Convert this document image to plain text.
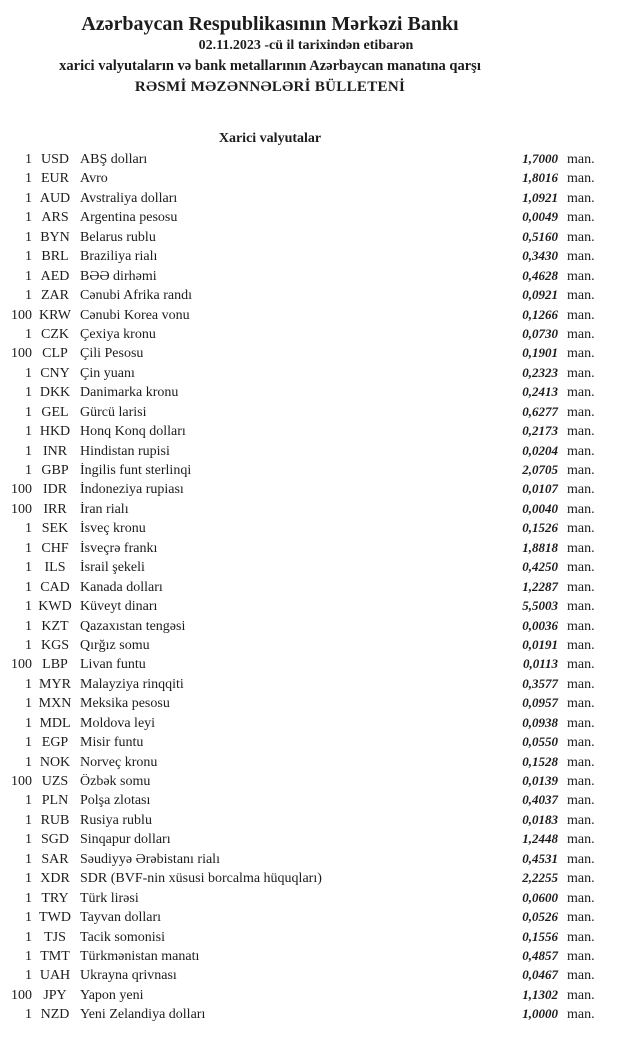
Azərbaycan Respublikasının Mərkəzi Bankı
02.11.2023 -cü il tarixindən etibarən
xarici valyutaların və bank metallarının Azərbaycan manatına qarşı
RƏSMİ MƏZƏNNƏLƏRİ BÜLLETENİ
Xarici valyutalar
1 USD ABŞ dolları	1,7000 man.
1 EUR Avro	1,8016 man.
1 AUD Avstraliya dolları	1,0921 man.
1 ARS Argentina pesosu	0,0049 man.
1 BYN Belarus rublu	0,5160 man.
1 BRL Braziliya rialı	0,3430 man.
1 AED BƏƏ dirhəmi	0,4628 man.
1 ZAR Cənubi Afrika randı	0,0921 man.
100 KRW Cənubi Korea vonu	0,1266 man.
1 CZK Çexiya kronu	0,0730 man.
100 CLP Çili Pesosu	0,1901 man.
1 CNY Çin yuanı	0,2323 man.
1 DKK Danimarka kronu	0,2413 man.
1 GEL Gürcü larisi	0,6277 man.
1 HKD Honq Konq dolları	0,2173 man.
1 INR Hindistan rupisi	0,0204 man.
1 GBP İngilis funt sterlinqi	2,0705 man.
100 IDR İndoneziya rupiası	0,0107 man.
100 IRR İran rialı	0,0040 man.
1 SEK İsveç kronu	0,1526 man.
1 CHF İsveçrə frankı	1,8818 man.
1 ILS	İsrail şekeli	0,4250 man.
1 CAD Kanada dolları	1,2287 man.
1 KWD Küveyt dinarı	5,5003 man.
1 KZT Qazaxıstan tengəsi	0,0036 man.
1 KGS Qırğız somu	0,0191 man.
100 LBP Livan funtu	0,0113 man.
1 MYR Malayziya rinqqiti	0,3577 man.
1 MXN Meksika pesosu	0,0957 man.
1 MDL Moldova leyi	0,0938 man.
1 EGP Misir funtu	0,0550 man.
1 NOK Norveç kronu	0,1528 man.
100 UZS Özbək somu	0,0139 man.
1 PLN Polşa zlotası	0,4037 man.
1 RUB Rusiya rublu	0,0183 man.
1 SGD Sinqapur dolları	1,2448 man.
1 SAR Səudiyyə Ərəbistanı rialı	0,4531 man.
1 XDR SDR (BVF-nin xüsusi borcalma hüquqları)	2,2255 man.
1 TRY Türk lirəsi	0,0600 man.
1 TWD Tayvan dolları	0,0526 man.
1 TJS	Tacik somonisi	0,1556 man.
1 TMT Türkmənistan manatı	0,4857 man.
1 UAH Ukrayna qrivnası	0,0467 man.
100 JPY Yapon yeni	1,1302 man.
1 NZD Yeni Zelandiya dolları	1,0000 man.
